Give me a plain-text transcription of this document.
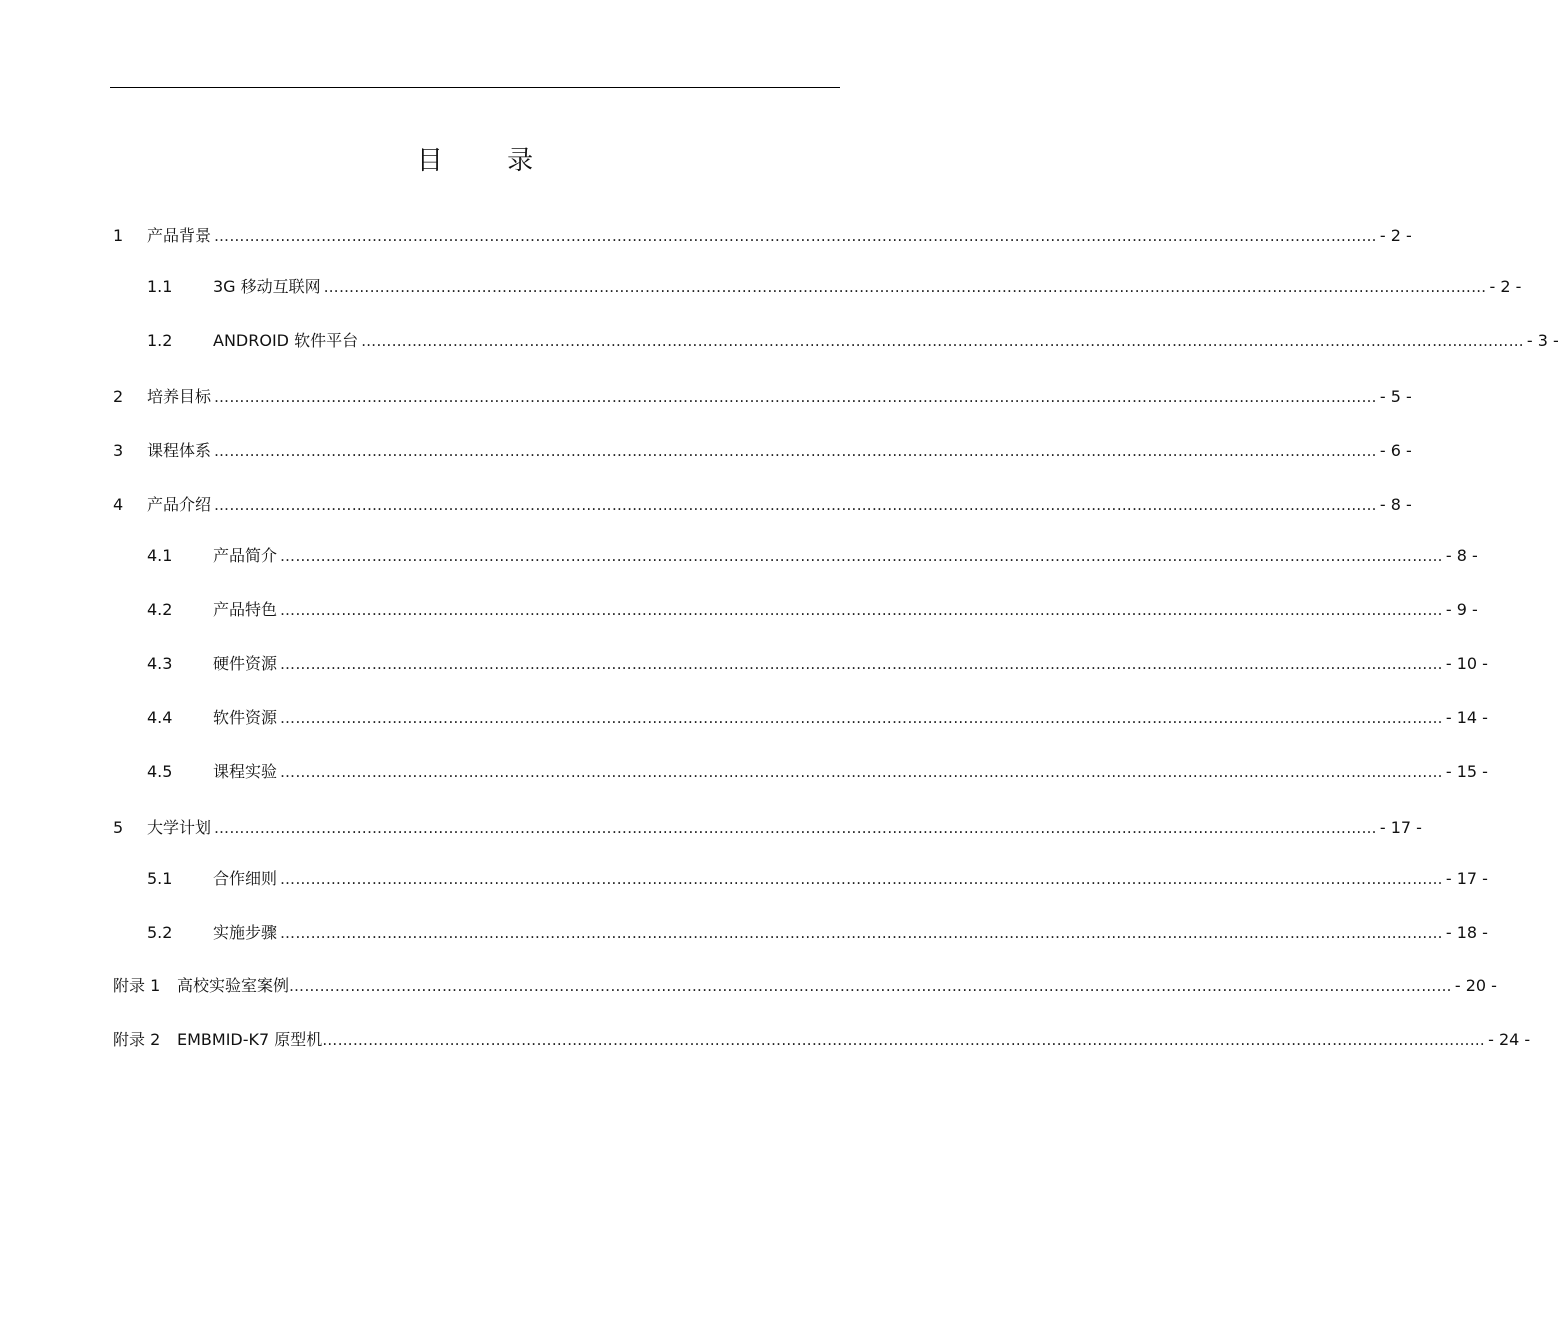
目 录
1	产品背景 ………………………………………………………………………………………………………………………………………………………………………………………………………… - 2 -
1.1	3G 移动互联网 ………………………………………………………………………………………………………………………………………………………………………………………………………… - 2 -
1.2	ANDROID 软件平台 ………………………………………………………………………………………………………………………………………………………………………………………………………… - 3 -
2	培养目标 ………………………………………………………………………………………………………………………………………………………………………………………………………… - 5 -
3	课程体系 ………………………………………………………………………………………………………………………………………………………………………………………………………… - 6 -
4	产品介绍 ………………………………………………………………………………………………………………………………………………………………………………………………………… - 8 -
4.1	产品简介 ………………………………………………………………………………………………………………………………………………………………………………………………………… - 8 -
4.2	产品特色 ………………………………………………………………………………………………………………………………………………………………………………………………………… - 9 -
4.3	硬件资源 ………………………………………………………………………………………………………………………………………………………………………………………………………… - 10 -
4.4	软件资源 ………………………………………………………………………………………………………………………………………………………………………………………………………… - 14 -
4.5	课程实验 ………………………………………………………………………………………………………………………………………………………………………………………………………… - 15 -
5	大学计划 ………………………………………………………………………………………………………………………………………………………………………………………………………… - 17 -
5.1	合作细则 ………………………………………………………………………………………………………………………………………………………………………………………………………… - 17 -
5.2	实施步骤 ………………………………………………………………………………………………………………………………………………………………………………………………………… - 18 -
附录 1	高校实验室案例 ………………………………………………………………………………………………………………………………………………………………………………………………………… - 20 -
附录 2	EMBMID-K7 原型机 ………………………………………………………………………………………………………………………………………………………………………………………………………… - 24 -
